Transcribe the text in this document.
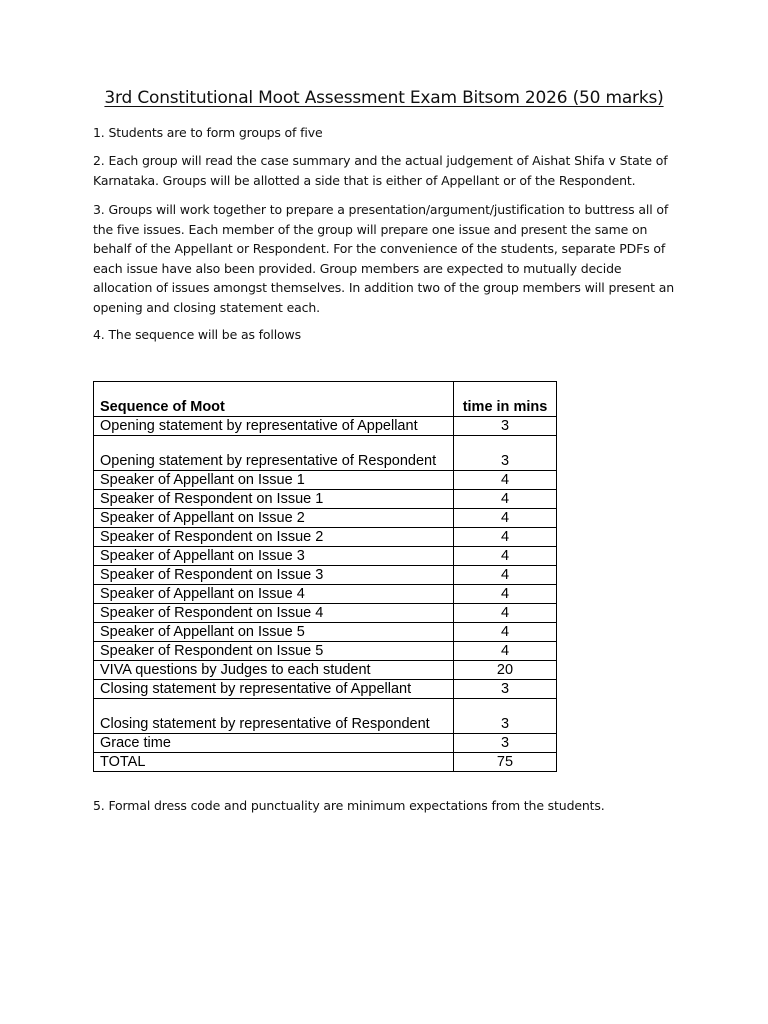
3rd Constitutional Moot Assessment Exam Bitsom 2026 (50 marks)

1. Students are to form groups of five

2. Each group will read the case summary and the actual judgement of Aishat Shifa v State of Karnataka. Groups will be allotted a side that is either of Appellant or of the Respondent.

3. Groups will work together to prepare a presentation/argument/justification to buttress all of the five issues. Each member of the group will prepare one issue and present the same on behalf of the Appellant or Respondent. For the convenience of the students, separate PDFs of each issue have also been provided. Group members are expected to mutually decide allocation of issues amongst themselves. In addition two of the group members will present an opening and closing statement each.

4. The sequence will be as follows

Sequence of Moot	time in mins
Opening statement by representative of Appellant	3
Opening statement by representative of Respondent	3
Speaker of Appellant on Issue 1	4
Speaker of Respondent on Issue 1	4
Speaker of Appellant on Issue 2	4
Speaker of Respondent on Issue 2	4
Speaker of Appellant on Issue 3	4
Speaker of Respondent on Issue 3	4
Speaker of Appellant on Issue 4	4
Speaker of Respondent on Issue 4	4
Speaker of Appellant on Issue 5	4
Speaker of Respondent on Issue 5	4
VIVA questions by Judges to each student	20
Closing statement by representative of Appellant	3
Closing statement by representative of Respondent	3
Grace time	3
TOTAL	75

5. Formal dress code and punctuality are minimum expectations from the students.
